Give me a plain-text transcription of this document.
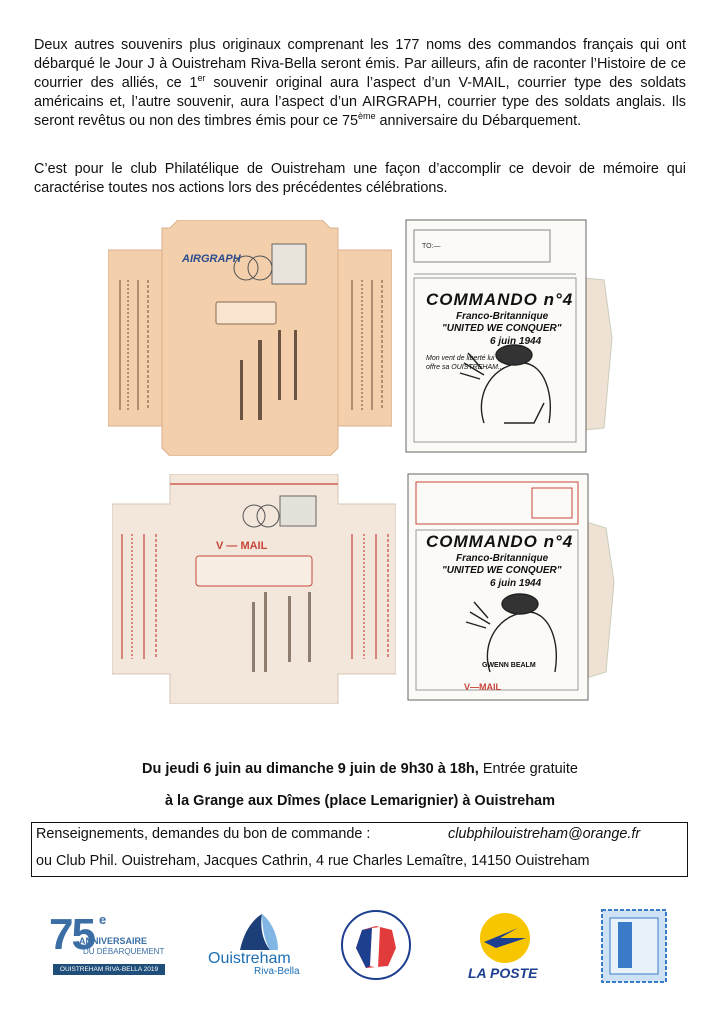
Deux autres souvenirs plus originaux comprenant les 177 noms des commandos français qui ont débarqué le Jour J à Ouistreham Riva-Bella seront émis. Par ailleurs, afin de raconter l’Histoire de ce courrier des alliés, ce 1er souvenir original aura l’aspect d’un V-MAIL, courrier type des soldats américains et, l’autre souvenir, aura l’aspect d’un AIRGRAPH, courrier type des soldats anglais. Ils seront revêtus ou non des timbres émis pour ce 75ème anniversaire du Débarquement.

C’est pour le club Philatélique de Ouistreham une façon d’accomplir ce devoir de mémoire qui caractérise toutes nos actions lors des précédentes célébrations.

AIRGRAPH
TO:—
COMMANDO n°4
Franco-Britannique
"UNITED WE CONQUER"
6 juin 1944
Mon vent de liberté lui offre sa OUISTREHAM...
V — MAIL	COMMANDO n°4
Franco-Britannique
"UNITED WE CONQUER"
6 juin 1944
GWENN BEALM
V—MAIL
Du jeudi 6 juin au dimanche 9 juin de 9h30 à 18h, Entrée gratuite
à la Grange aux Dîmes (place Lemarignier) à Ouistreham
Renseignements, demandes du bon de commande :	clubphilouistreham@orange.fr
ou Club Phil. Ouistreham, Jacques Cathrin, 4 rue Charles Lemaître, 14150 Ouistreham
75 e
ANNIVERSAIRE
DU DÉBARQUEMENT
OUISTREHAM RIVA-BELLA 2019
Ouistreham
Riva-Bella	LA POSTE
